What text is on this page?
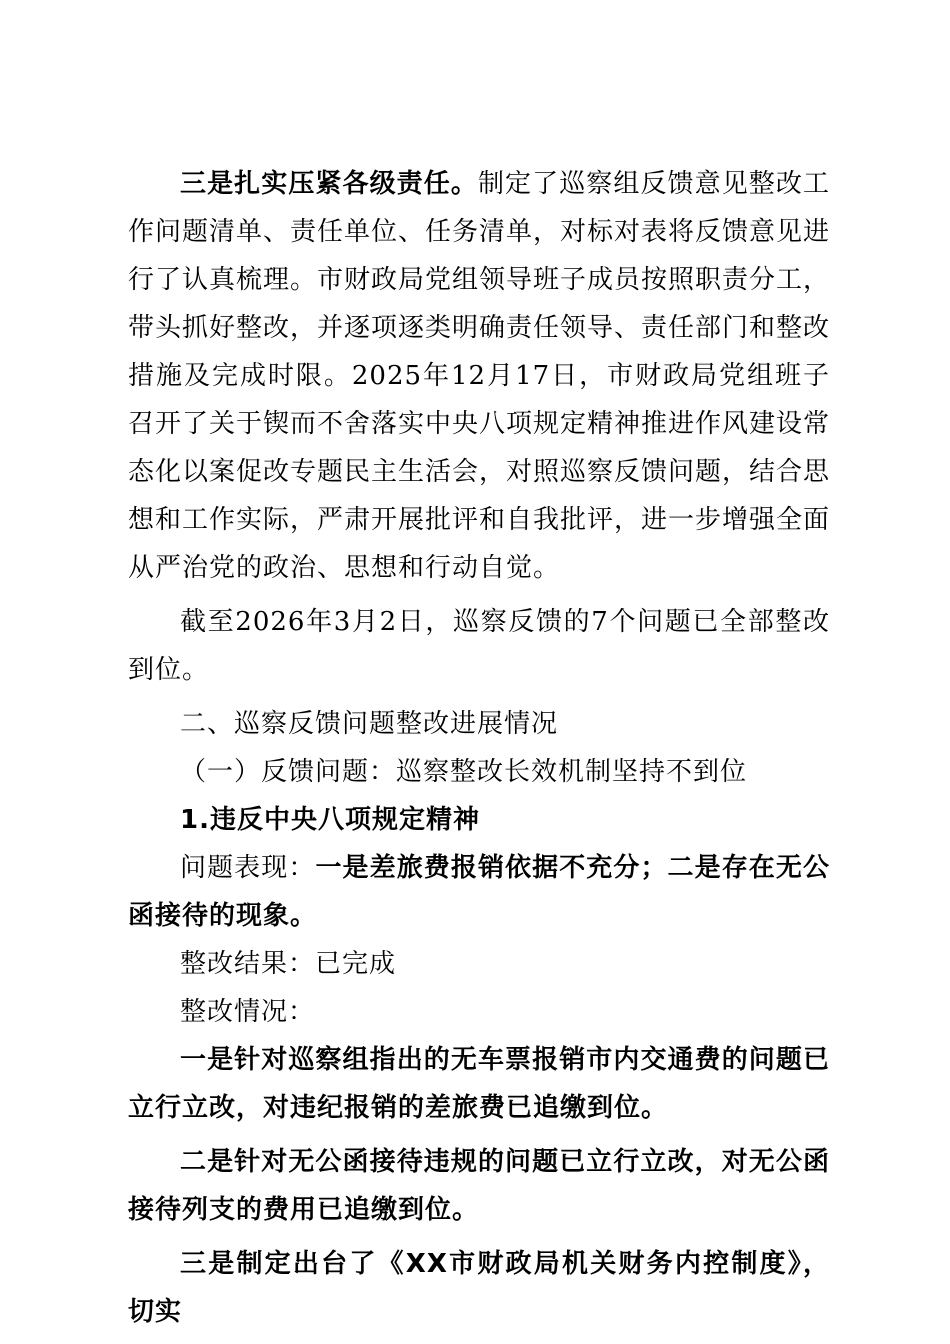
三是扎实压紧各级责任。制定了巡察组反馈意见整改工作问题清单、责任单位、任务清单，对标对表将反馈意见进行了认真梳理。市财政局党组领导班子成员按照职责分工，带头抓好整改，并逐项逐类明确责任领导、责任部门和整改措施及完成时限。2025年12月17日，市财政局党组班子召开了关于锲而不舍落实中央八项规定精神推进作风建设常态化以案促改专题民主生活会，对照巡察反馈问题，结合思想和工作实际，严肃开展批评和自我批评，进一步增强全面从严治党的政治、思想和行动自觉。

截至2026年3月2日，巡察反馈的7个问题已全部整改到位。

二、巡察反馈问题整改进展情况

（一）反馈问题：巡察整改长效机制坚持不到位

1.违反中央八项规定精神

问题表现：一是差旅费报销依据不充分；二是存在无公函接待的现象。

整改结果：已完成

整改情况：

一是针对巡察组指出的无车票报销市内交通费的问题已立行立改，对违纪报销的差旅费已追缴到位。

二是针对无公函接待违规的问题已立行立改，对无公函接待列支的费用已追缴到位。

三是制定出台了《XX市财政局机关财务内控制度》，切实
